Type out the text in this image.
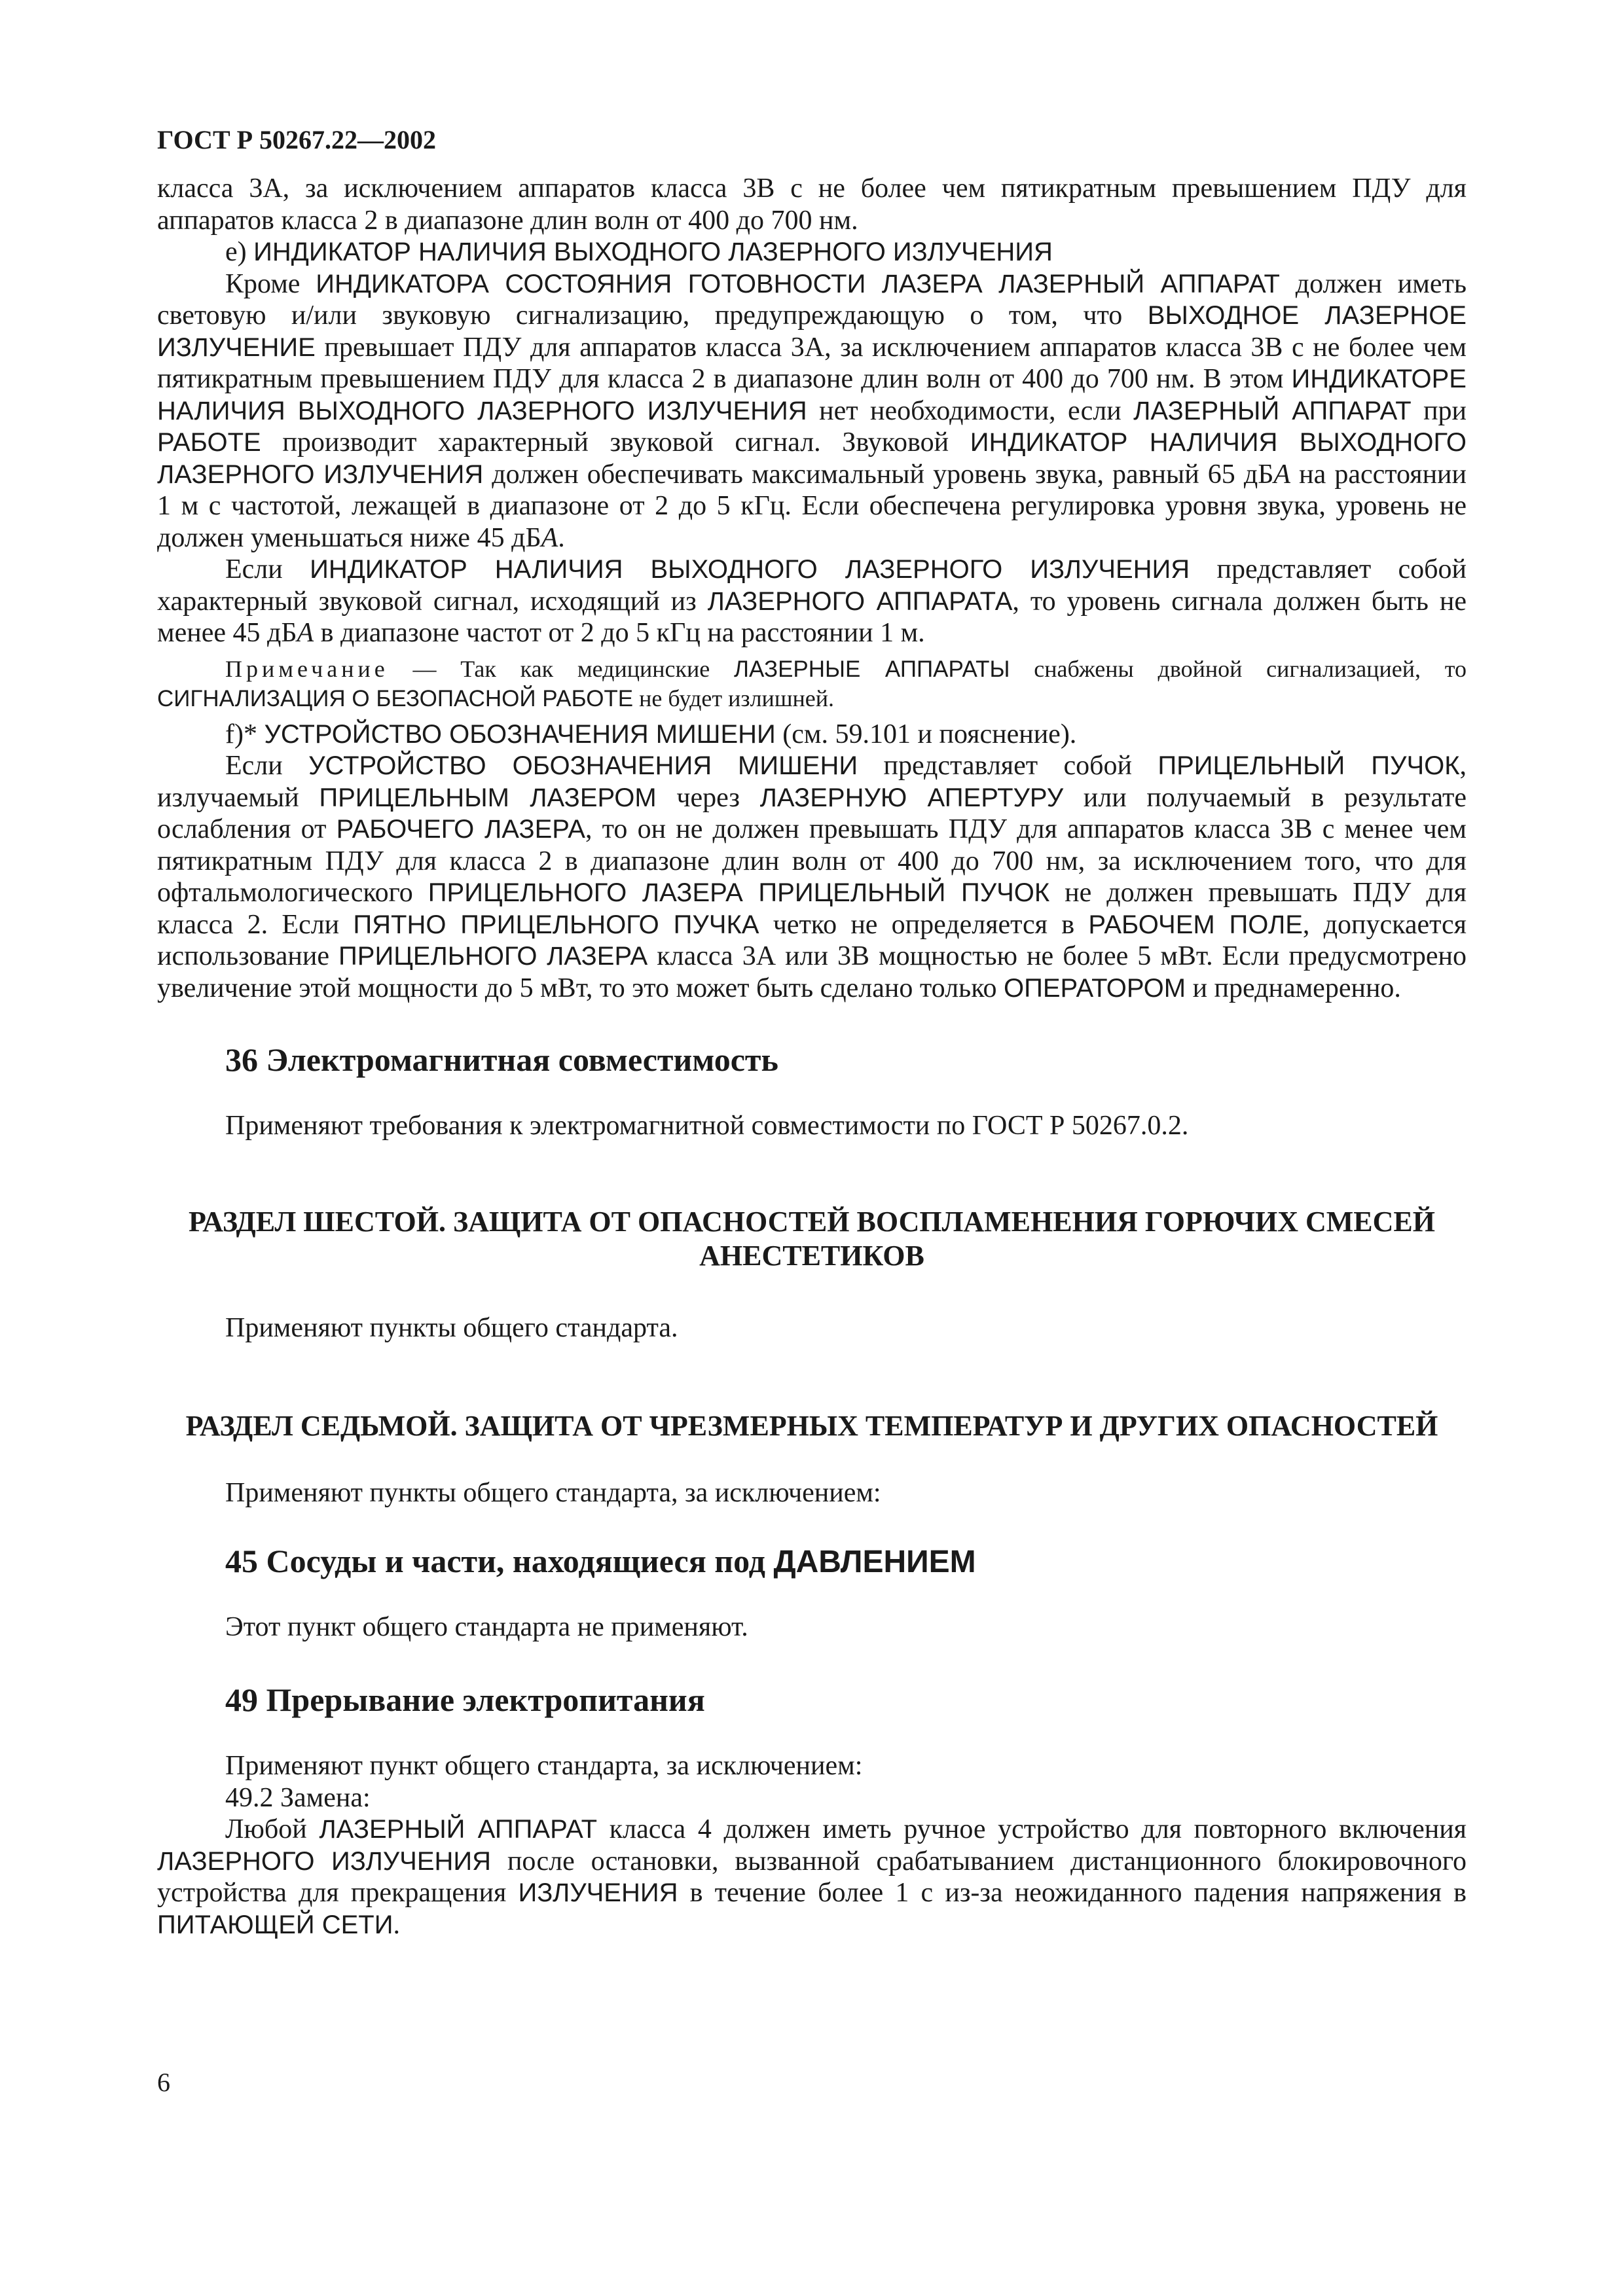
ГОСТ Р 50267.22—2002

класса 3А, за исключением аппаратов класса 3В с не более чем пятикратным превышением ПДУ для аппаратов класса 2 в диапазоне длин волн от 400 до 700 нм.

е) ИНДИКАТОР НАЛИЧИЯ ВЫХОДНОГО ЛАЗЕРНОГО ИЗЛУЧЕНИЯ

Кроме ИНДИКАТОРА СОСТОЯНИЯ ГОТОВНОСТИ ЛАЗЕРА ЛАЗЕРНЫЙ АППАРАТ должен иметь световую и/или звуковую сигнализацию, предупреждающую о том, что ВЫХОДНОЕ ЛАЗЕРНОЕ ИЗЛУЧЕНИЕ превышает ПДУ для аппаратов класса 3А, за исключением аппаратов класса 3В с не более чем пятикратным превышением ПДУ для класса 2 в диапазоне длин волн от 400 до 700 нм. В этом ИНДИКАТОРЕ НАЛИЧИЯ ВЫХОДНОГО ЛАЗЕРНОГО ИЗЛУЧЕНИЯ нет необходимости, если ЛАЗЕРНЫЙ АППАРАТ при РАБОТЕ производит характерный звуковой сигнал. Звуковой ИНДИКАТОР НАЛИЧИЯ ВЫХОДНОГО ЛАЗЕРНОГО ИЗЛУЧЕНИЯ должен обеспечивать максимальный уровень звука, равный 65 дБА на расстоянии 1 м с частотой, лежащей в диапазоне от 2 до 5 кГц. Если обеспечена регулировка уровня звука, уровень не должен уменьшаться ниже 45 дБА.

Если ИНДИКАТОР НАЛИЧИЯ ВЫХОДНОГО ЛАЗЕРНОГО ИЗЛУЧЕНИЯ представляет собой характерный звуковой сигнал, исходящий из ЛАЗЕРНОГО АППАРАТА, то уровень сигнала должен быть не менее 45 дБА в диапазоне частот от 2 до 5 кГц на расстоянии 1 м.

Примечание — Так как медицинские ЛАЗЕРНЫЕ АППАРАТЫ снабжены двойной сигнализацией, то СИГНАЛИЗАЦИЯ О БЕЗОПАСНОЙ РАБОТЕ не будет излишней.

f)* УСТРОЙСТВО ОБОЗНАЧЕНИЯ МИШЕНИ (см. 59.101 и пояснение).

Если УСТРОЙСТВО ОБОЗНАЧЕНИЯ МИШЕНИ представляет собой ПРИЦЕЛЬНЫЙ ПУЧОК, излучаемый ПРИЦЕЛЬНЫМ ЛАЗЕРОМ через ЛАЗЕРНУЮ АПЕРТУРУ или получаемый в результате ослабления от РАБОЧЕГО ЛАЗЕРА, то он не должен превышать ПДУ для аппаратов класса 3В с менее чем пятикратным ПДУ для класса 2 в диапазоне длин волн от 400 до 700 нм, за исключением того, что для офтальмологического ПРИЦЕЛЬНОГО ЛАЗЕРА ПРИЦЕЛЬНЫЙ ПУЧОК не должен превышать ПДУ для класса 2. Если ПЯТНО ПРИЦЕЛЬНОГО ПУЧКА четко не определяется в РАБОЧЕМ ПОЛЕ, допускается использование ПРИЦЕЛЬНОГО ЛАЗЕРА класса 3А или 3В мощностью не более 5 мВт. Если предусмотрено увеличение этой мощности до 5 мВт, то это может быть сделано только ОПЕРАТОРОМ и преднамеренно.

36 Электромагнитная совместимость

Применяют требования к электромагнитной совместимости по ГОСТ Р 50267.0.2.

РАЗДЕЛ ШЕСТОЙ. ЗАЩИТА ОТ ОПАСНОСТЕЙ ВОСПЛАМЕНЕНИЯ ГОРЮЧИХ СМЕСЕЙ
АНЕСТЕТИКОВ

Применяют пункты общего стандарта.

РАЗДЕЛ СЕДЬМОЙ. ЗАЩИТА ОТ ЧРЕЗМЕРНЫХ ТЕМПЕРАТУР И ДРУГИХ ОПАСНОСТЕЙ

Применяют пункты общего стандарта, за исключением:

45 Сосуды и части, находящиеся под ДАВЛЕНИЕМ

Этот пункт общего стандарта не применяют.

49 Прерывание электропитания

Применяют пункт общего стандарта, за исключением:

49.2 Замена:

Любой ЛАЗЕРНЫЙ АППАРАТ класса 4 должен иметь ручное устройство для повторного включения ЛАЗЕРНОГО ИЗЛУЧЕНИЯ после остановки, вызванной срабатыванием дистанционного блокировочного устройства для прекращения ИЗЛУЧЕНИЯ в течение более 1 с из-за неожиданного падения напряжения в ПИТАЮЩЕЙ СЕТИ.

6
